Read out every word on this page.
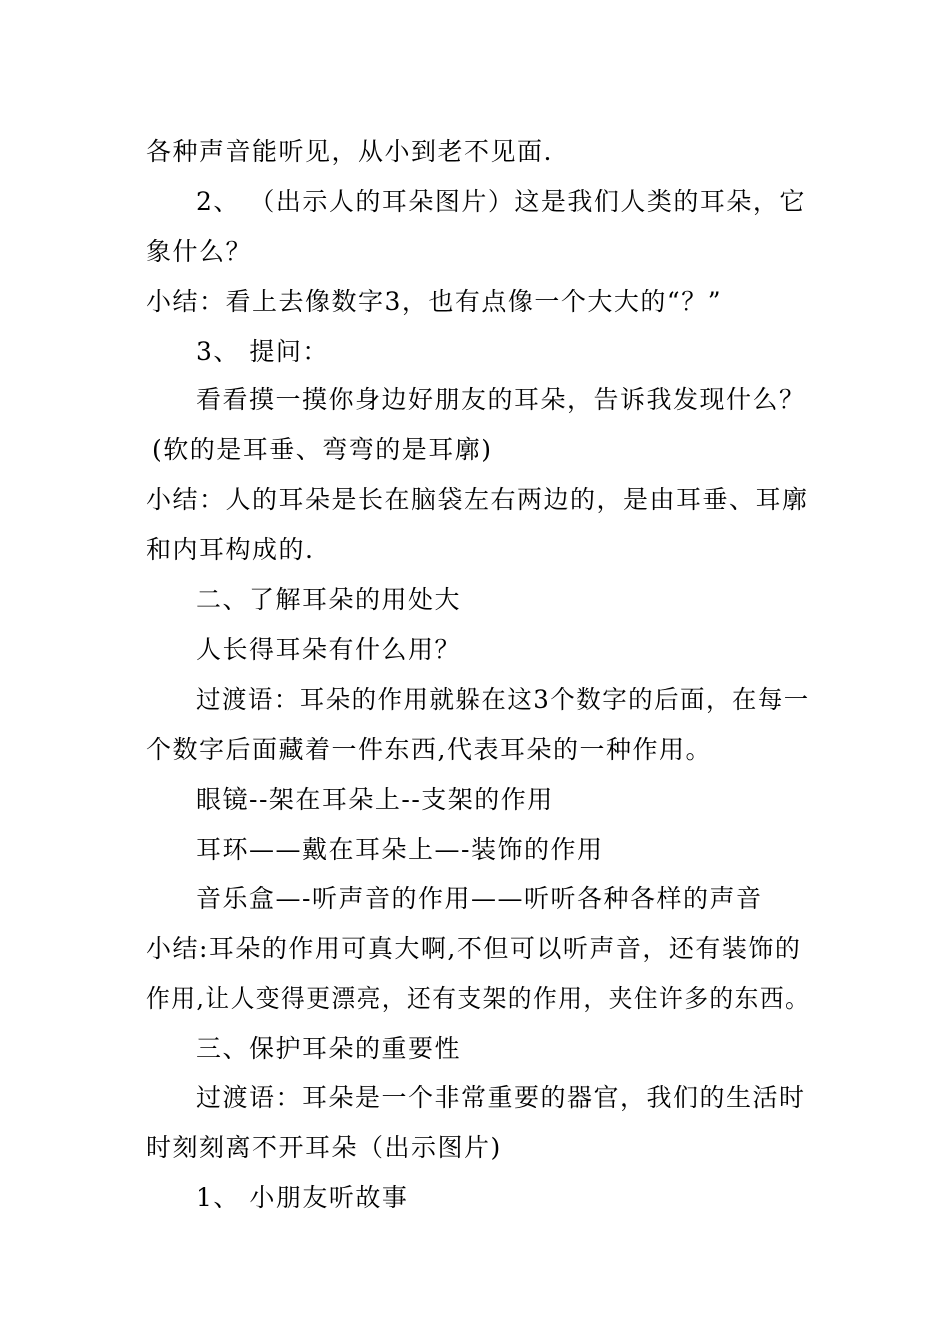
各种声音能听见，从小到老不见面.
2、 （出示人的耳朵图片）这是我们人类的耳朵，它
象什么？
小结：看上去像数字3，也有点像一个大大的“？”
3、 提问：
看看摸一摸你身边好朋友的耳朵，告诉我发现什么？
(软的是耳垂、弯弯的是耳廓)
小结：人的耳朵是长在脑袋左右两边的，是由耳垂、耳廓
和内耳构成的.
二、了解耳朵的用处大
人长得耳朵有什么用？
过渡语：耳朵的作用就躲在这3个数字的后面，在每一
个数字后面藏着一件东西,代表耳朵的一种作用。
眼镜--架在耳朵上--支架的作用
耳环——戴在耳朵上—-装饰的作用
音乐盒—-听声音的作用——听听各种各样的声音
小结:耳朵的作用可真大啊,不但可以听声音，还有装饰的
作用,让人变得更漂亮，还有支架的作用，夹住许多的东西。
三、保护耳朵的重要性
过渡语：耳朵是一个非常重要的器官，我们的生活时
时刻刻离不开耳朵（出示图片)
1、 小朋友听故事
